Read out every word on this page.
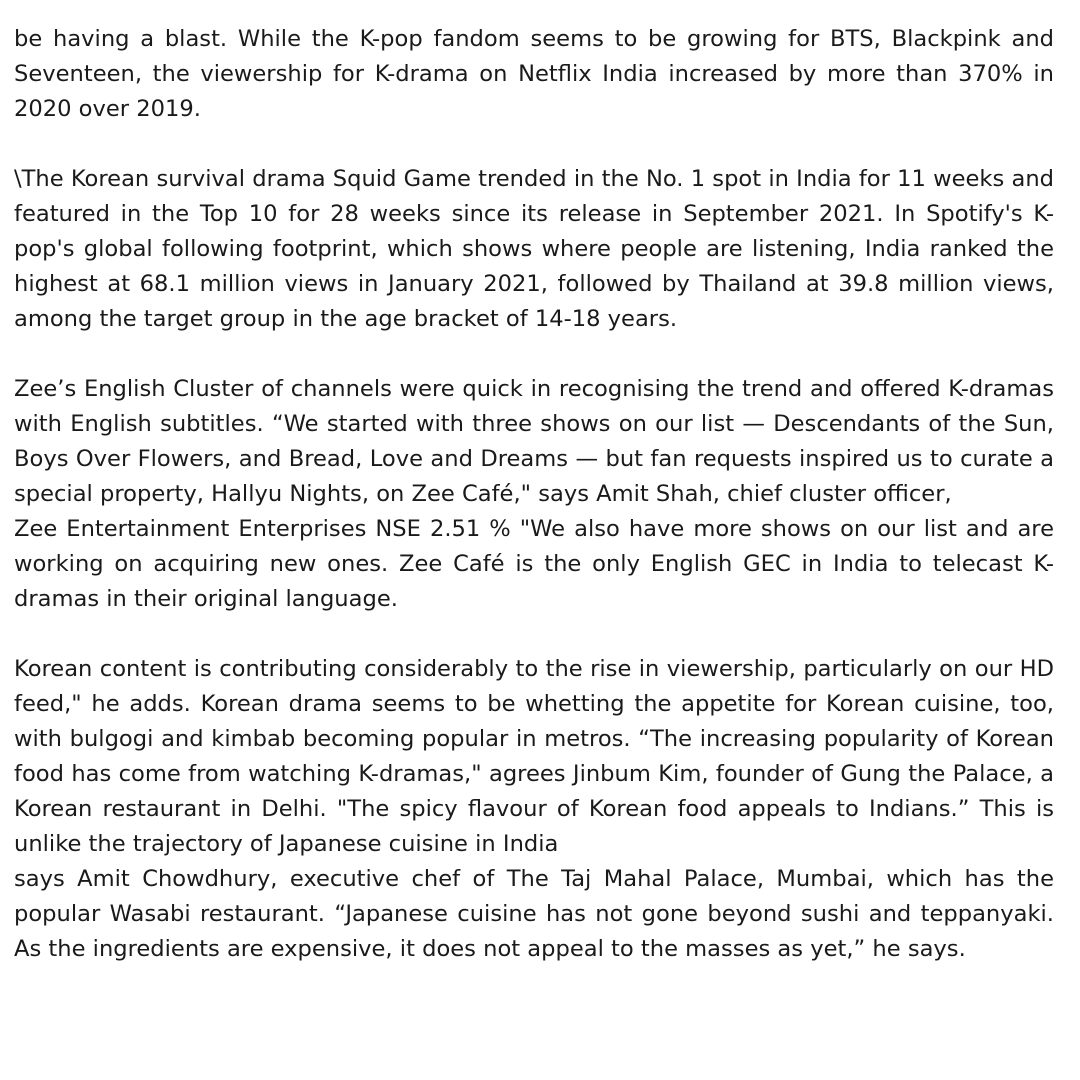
be having a blast. While the K-pop fandom seems to be growing for BTS, Blackpink and Seventeen, the viewership for K-drama on Netflix India increased by more than 370% in 2020 over 2019.

\The Korean survival drama Squid Game trended in the No. 1 spot in India for 11 weeks and featured in the Top 10 for 28 weeks since its release in September 2021. In Spotify's K-pop's global following footprint, which shows where people are listening, India ranked the highest at 68.1 million views in January 2021, followed by Thailand at 39.8 million views, among the target group in the age bracket of 14-18 years.

Zee’s English Cluster of channels were quick in recognising the trend and offered K-dramas with English subtitles. “We started with three shows on our list — Descendants of the Sun, Boys Over Flowers, and Bread, Love and Dreams — but fan requests inspired us to curate a special property, Hallyu Nights, on Zee Café," says Amit Shah, chief cluster officer,

Zee Entertainment Enterprises NSE 2.51 % "We also have more shows on our list and are working on acquiring new ones. Zee Café is the only English GEC in India to telecast K-dramas in their original language.

Korean content is contributing considerably to the rise in viewership, particularly on our HD feed," he adds. Korean drama seems to be whetting the appetite for Korean cuisine, too, with bulgogi and kimbab becoming popular in metros. “The increasing popularity of Korean food has come from watching K-dramas," agrees Jinbum Kim, founder of Gung the Palace, a Korean restaurant in Delhi. "The spicy flavour of Korean food appeals to Indians.” This is unlike the trajectory of Japanese cuisine in India

says Amit Chowdhury, executive chef of The Taj Mahal Palace, Mumbai, which has the popular Wasabi restaurant. “Japanese cuisine has not gone beyond sushi and teppanyaki. As the ingredients are expensive, it does not appeal to the masses as yet,” he says.
